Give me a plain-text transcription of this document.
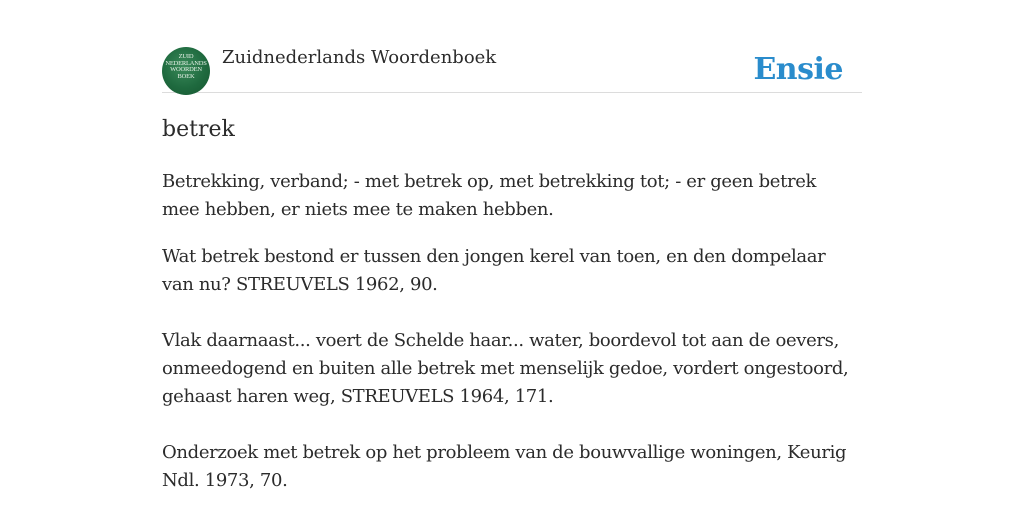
ZUID
NEDERLANDS
WOORDEN
BOEK
Zuidnederlands Woordenboek	Ensie
betrek

Betrekking, verband; - met betrek op, met betrekking tot; - er geen betrek mee hebben, er niets mee te maken hebben.

Wat betrek bestond er tussen den jongen kerel van toen, en den dompelaar van nu? STREUVELS 1962, 90.

Vlak daarnaast... voert de Schelde haar... water, boordevol tot aan de oevers, onmeedogend en buiten alle betrek met menselijk gedoe, vordert ongestoord, gehaast haren weg, STREUVELS 1964, 171.

Onderzoek met betrek op het probleem van de bouwvallige woningen, Keurig Ndl. 1973, 70.
